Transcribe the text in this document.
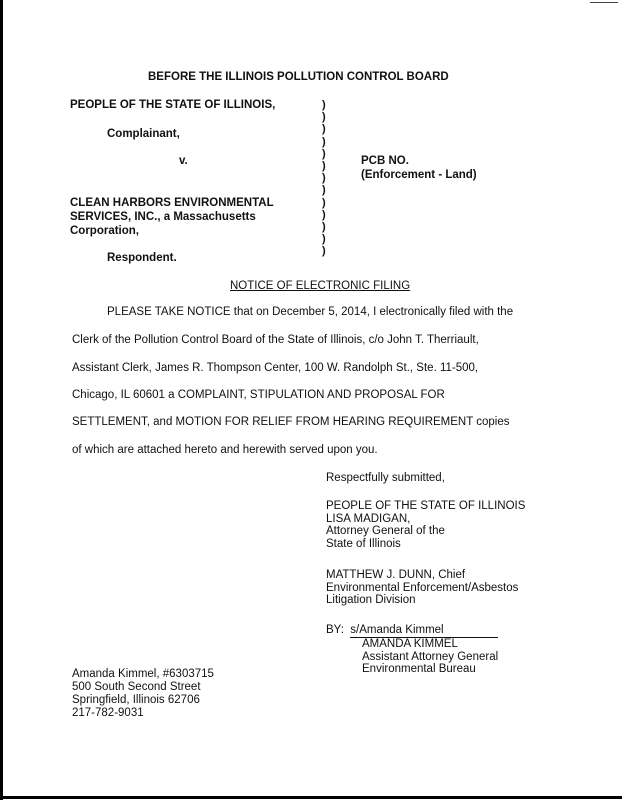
BEFORE THE ILLINOIS POLLUTION CONTROL BOARD
PEOPLE OF THE STATE OF ILLINOIS,
Complainant,
v.	PCB NO.
(Enforcement - Land)
CLEAN HARBORS ENVIRONMENTAL
SERVICES, INC., a Massachusetts
Corporation,
Respondent.
)
)
)
)
)
)
)
)
)
)
)
)
)
NOTICE OF ELECTRONIC FILING
PLEASE TAKE NOTICE that on December 5, 2014, I electronically filed with the
Clerk of the Pollution Control Board of the State of Illinois, c/o John T. Therriault,
Assistant Clerk, James R. Thompson Center, 100 W. Randolph St., Ste. 11-500,
Chicago, IL 60601 a COMPLAINT, STIPULATION AND PROPOSAL FOR
SETTLEMENT, and MOTION FOR RELIEF FROM HEARING REQUIREMENT copies
of which are attached hereto and herewith served upon you.
Respectfully submitted,
PEOPLE OF THE STATE OF ILLINOIS
LISA MADIGAN,
Attorney General of the
State of Illinois
MATTHEW J. DUNN, Chief
Environmental Enforcement/Asbestos
Litigation Division
BY: s/Amanda Kimmel
AMANDA KIMMEL
Assistant Attorney General
Environmental Bureau
Amanda Kimmel, #6303715
500 South Second Street
Springfield, Illinois 62706
217-782-9031
